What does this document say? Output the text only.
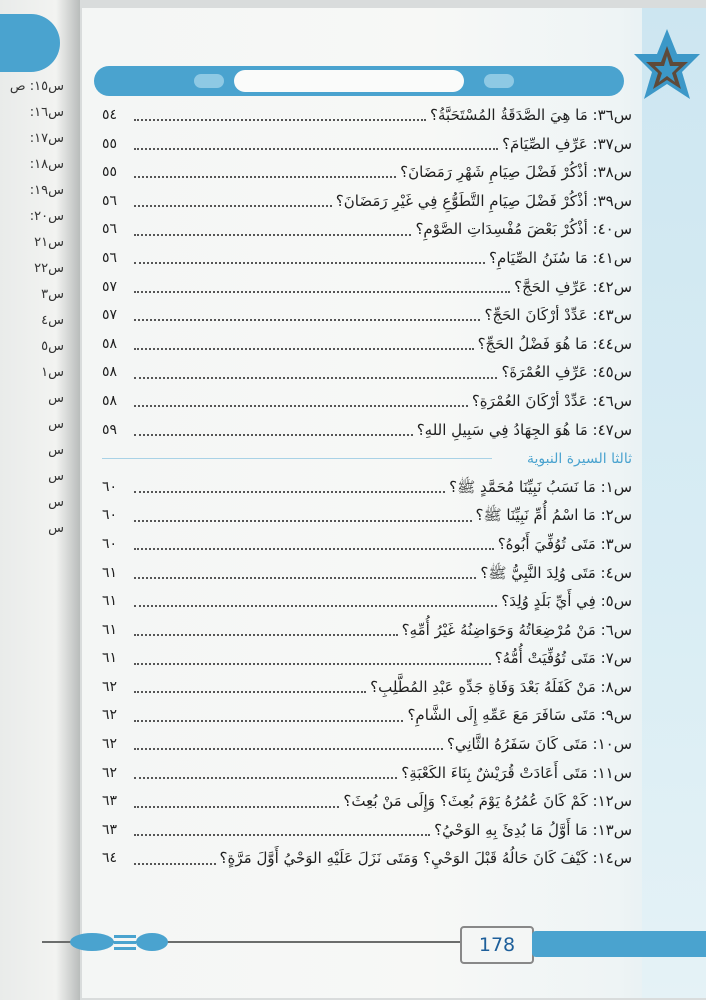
س١٥: ص
س١٦:
س١٧:
س١٨:
س١٩:
س٢٠:
س٢١
س٢٢
س٣
س٤
س٥
س١
س
س
س
س
س
س
س٣٦: مَا هِيَ الصَّدَقَةُ المُسْتَحَبَّةُ؟
٥٤
س٣٧: عَرِّفِ الصِّيَامَ؟
٥٥
س٣٨: أذْكُرْ فَضْلَ صِيَامِ شَهْرِ رَمَضَانَ؟
٥٥
س٣٩: أذْكُرْ فَضْلَ صِيَامِ التَّطَوُّعِ فِي غَيْرِ رَمَضَانَ؟
٥٦
س٤٠: أذْكُرْ بَعْضَ مُفْسِدَاتِ الصَّوْمِ؟
٥٦
س٤١: مَا سُنَنُ الصِّيَامِ؟
٥٦
س٤٢: عَرِّفِ الحَجَّ؟
٥٧
س٤٣: عَدِّدْ أرْكَانَ الحَجِّ؟
٥٧
س٤٤: مَا هُوَ فَضْلُ الحَجِّ؟
٥٨
س٤٥: عَرِّفِ العُمْرَةَ؟
٥٨
س٤٦: عَدِّدْ أرْكَانَ العُمْرَةِ؟
٥٨
س٤٧: مَا هُوَ الجِهَادُ فِي سَبِيلِ اللهِ؟
٥٩
ثالثا السيرة النبوية
س١: مَا نَسَبُ نَبِيِّنَا مُحَمَّدٍ ﷺ؟
٦٠
س٢: مَا اسْمُ أُمِّ نَبِيِّنَا ﷺ؟
٦٠
س٣: مَتَى تُوُفِّيَ أَبُوهُ؟
٦٠
س٤: مَتَى وُلِدَ النَّبِيُّ ﷺ؟
٦١
س٥: فِي أَيِّ بَلَدٍ وُلِدَ؟
٦١
س٦: مَنْ مُرْضِعَاتُهُ وَحَوَاضِنُهُ غَيْرُ أُمِّهِ؟
٦١
س٧: مَتَى تُوُفِّيَتْ أُمُّهُ؟
٦١
س٨: مَنْ كَفَلَهُ بَعْدَ وَفَاةِ جَدِّهِ عَبْدِ المُطَّلِبِ؟
٦٢
س٩: مَتَى سَافَرَ مَعَ عَمِّهِ إِلَى الشَّامِ؟
٦٢
س١٠: مَتَى كَانَ سَفَرُهُ الثَّانِي؟
٦٢
س١١: مَتَى أَعَادَتْ قُرَيْشٌ بِنَاءَ الكَعْبَةِ؟
٦٢
س١٢: كَمْ كَانَ عُمُرُهُ يَوْمَ بُعِثَ؟ وَإِلَى مَنْ بُعِثَ؟
٦٣
س١٣: مَا أَوَّلُ مَا بُدِئَ بِهِ الوَحْيُ؟
٦٣
س١٤: كَيْفَ كَانَ حَالُهُ قَبْلَ الوَحْيِ؟ وَمَتَى نَزَلَ عَلَيْهِ الوَحْيُ أَوَّلَ مَرَّةٍ؟
٦٤
178
